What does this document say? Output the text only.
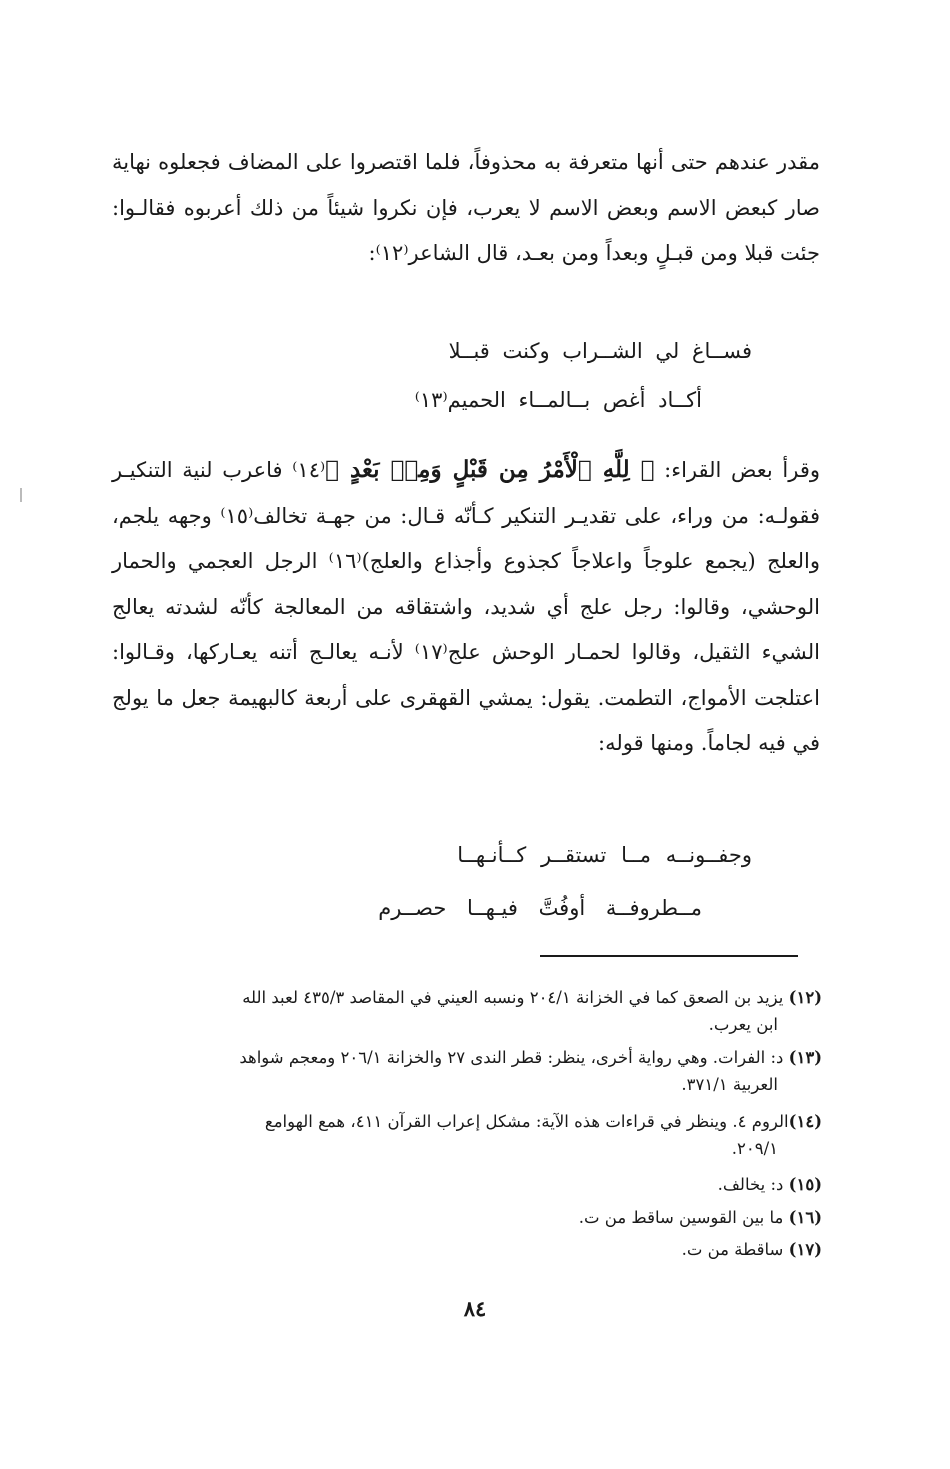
مقدر عندهم حتى أنها متعرفة به محذوفاً، فلما اقتصروا على المضاف فجعلوه نهاية صار كبعض الاسم وبعض الاسم لا يعرب، فإن نكروا شيئاً من ذلك أعربوه فقالـوا: جئت قبلا ومن قبـلٍ وبعداً ومن بعـد، قال الشاعر⁽١٢⁾:

فســاغ لي الشــراب وكنت قبــلا
أكــاد أغص بــالمــاء الحميم⁽١٣⁾

وقرأ بعض القراء: ﴿ لِلَّهِ ٱلْأَمْرُ مِن قَبْلٍ وَمِنۢ بَعْدٍ ﴾⁽١٤⁾ فاعرب لنية التنكيـر فقولـه: من وراء، على تقديـر التنكير كـأنّه قـال: من جهـة تخالف⁽١٥⁾ وجهه يلجم، والعلج (يجمع علوجاً واعلاجاً كجذوع وأجذاع والعلج)⁽١٦⁾ الرجل العجمي والحمار الوحشي، وقالوا: رجل علج أي شديد، واشتقاقه من المعالجة كأنّه لشدته يعالج الشيء الثقيل، وقالوا لحمـار الوحش علج⁽١٧⁾ لأنـه يعالـج أتنه يعـاركها، وقـالوا: اعتلجت الأمواج، التطمت. يقول: يمشي القهقرى على أربعة كالبهيمة جعل ما يولج في فيه لجاماً. ومنها قوله:

وجفــونــه مــا تستقــر كــأنـهــا
مــطروفــة أوفُتَّ فيـهــا حصــرم
(١٢) يزيد بن الصعق كما في الخزانة ٢٠٤/١ ونسبه العيني في المقاصد ٤٣٥/٣ لعبد الله
ابن يعرب.
(١٣) د: الفرات. وهي رواية أخرى، ينظر: قطر الندى ٢٧ والخزانة ٢٠٦/١ ومعجم شواهد
العربية ٣٧١/١.
(١٤)الروم ٤. وينظر في قراءات هذه الآية: مشكل إعراب القرآن ٤١١، همع الهوامع
٢٠٩/١.
(١٥) د: يخالف.
(١٦) ما بين القوسين ساقط من ت.
(١٧) ساقطة من ت.
٨٤
